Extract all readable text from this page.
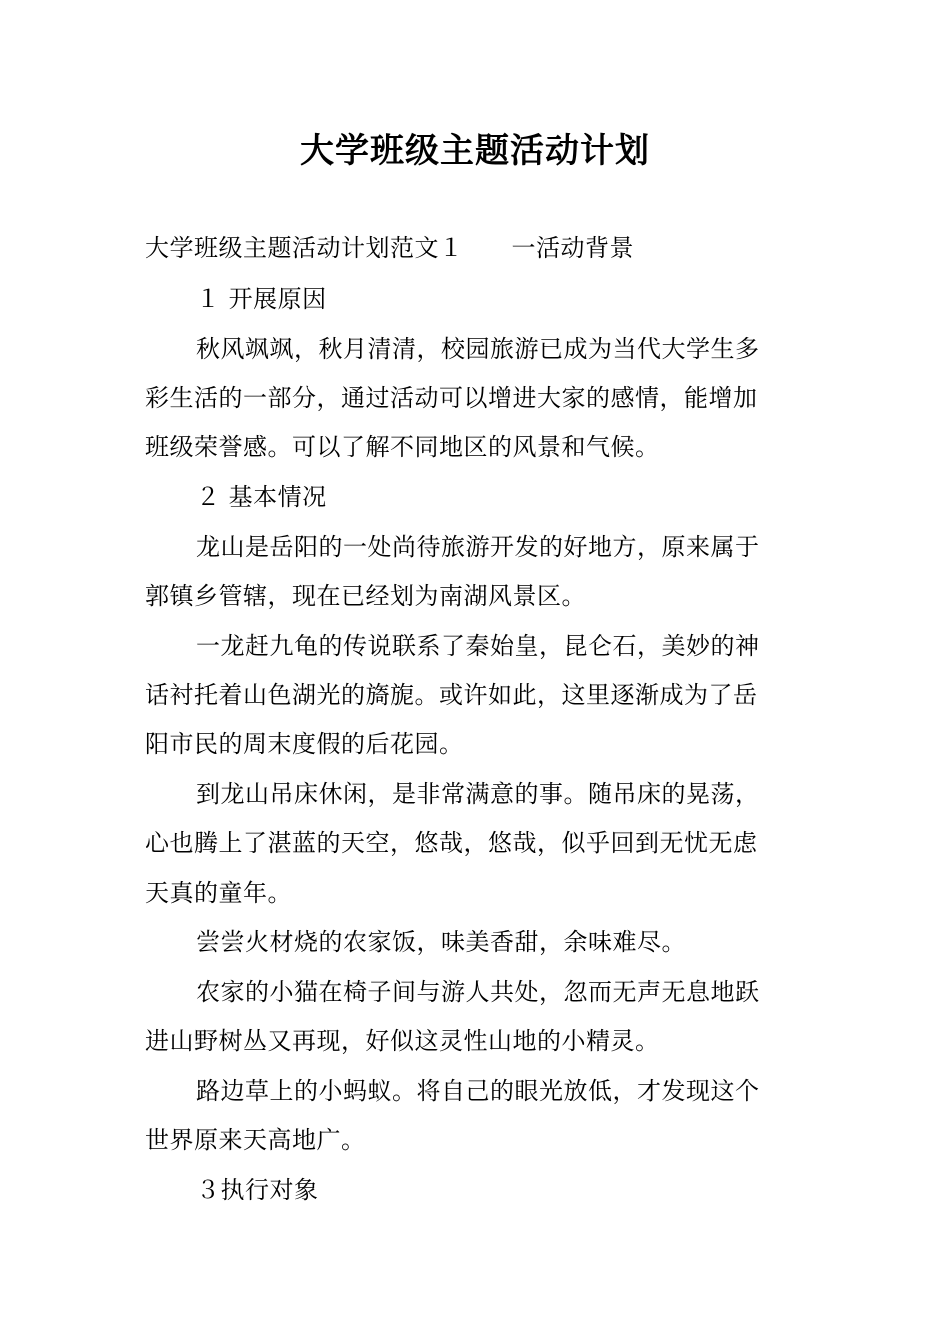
大学班级主题活动计划
大学班级主题活动计划范文１ 一活动背景
１ 开展原因
秋风飒飒，秋月清清，校园旅游已成为当代大学生多
彩生活的一部分，通过活动可以增进大家的感情，能增加
班级荣誉感。可以了解不同地区的风景和气候。
２ 基本情况
龙山是岳阳的一处尚待旅游开发的好地方，原来属于
郭镇乡管辖，现在已经划为南湖风景区。
一龙赶九龟的传说联系了秦始皇，昆仑石，美妙的神
话衬托着山色湖光的旖旎。或许如此，这里逐渐成为了岳
阳市民的周末度假的后花园。
到龙山吊床休闲，是非常满意的事。随吊床的晃荡，
心也腾上了湛蓝的天空，悠哉，悠哉，似乎回到无忧无虑
天真的童年。
尝尝火材烧的农家饭，味美香甜，余味难尽。
农家的小猫在椅子间与游人共处，忽而无声无息地跃
进山野树丛又再现，好似这灵性山地的小精灵。
路边草上的小蚂蚁。将自己的眼光放低，才发现这个
世界原来天高地广。
３执行对象
